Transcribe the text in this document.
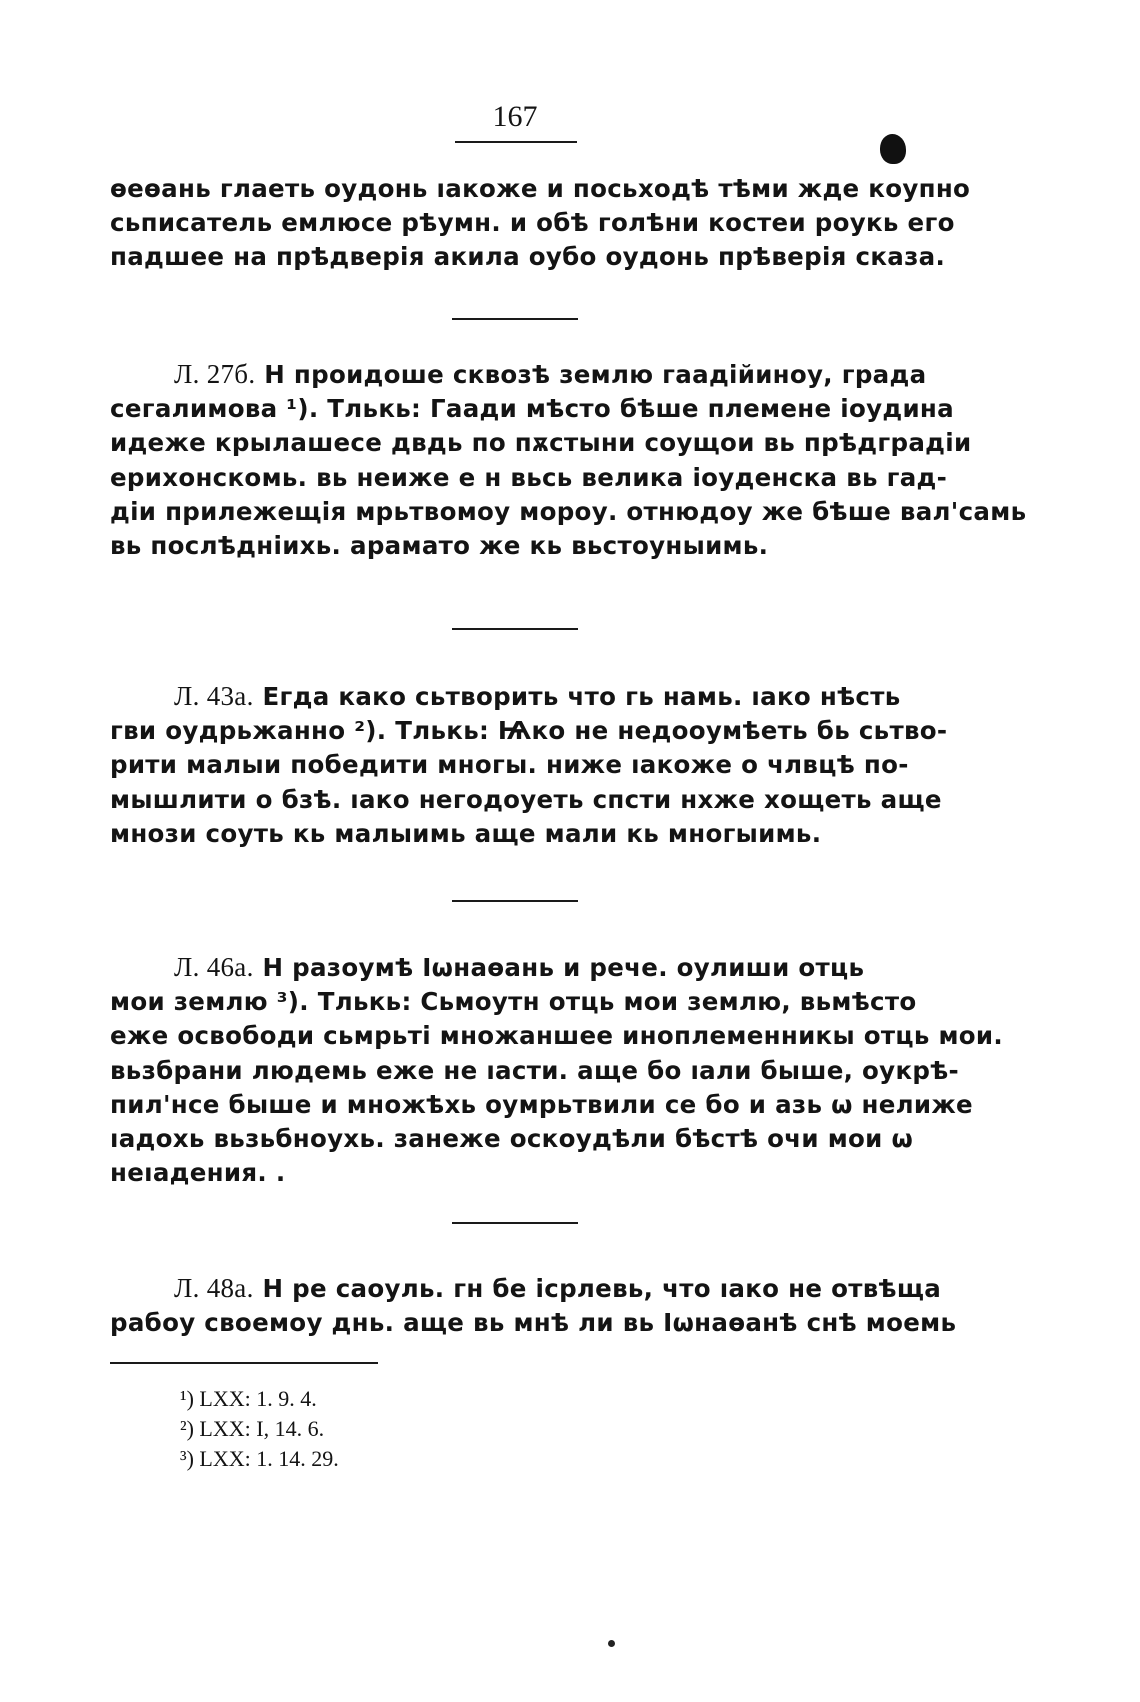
167
ѳеѳань глаеть оудонь ıакоже и посьходѣ тѣми жде коупно
сьписатель емлюсе рѣумн. и обѣ голѣни костеи роукь его
падшее на прѣдверія акила оубо оудонь прѣверія сказа.
Л. 27б. Н проидоше сквозѣ землю гаадійиноу, града
сегалимова ¹). Тлькь: Гаади мѣсто бѣше племене іоудина
идеже крылашесе двдь по пѫстыни соущои вь прѣдградіи
ерихонскомь. вь неиже е н вьсь велика іоуденска вь гад-
діи прилежещія мрьтвомоу мороу. отнюдоу же бѣше вал'самь
вь послѣдніихь. арамато же кь вьстоуныимь.
Л. 43а. Егда како сьтворить что гь намь. ıако нѣсть
гви оудрьжанно ²). Тлькь: Ѩко не недооумѣеть бь сьтво-
рити малыи победити многы. ниже ıакоже о члвцѣ по-
мышлити о бзѣ. ıако негодоуеть спсти нхже хощеть аще
мнози соуть кь малыимь аще мали кь многыимь.
Л. 46а. Н разоумѣ Іωнаѳань и рече. оулиши отць
мои землю ³). Тлькь: Сьмоутн отць мои землю, вьмѣсто
еже освободи сьмрьті множаншее иноплеменникы отць мои.
вьзбрани людемь еже не ıасти. аще бо ıали быше, оукрѣ-
пил'нсе быше и множѣхь оумрьтвили се бо и азь ω нелиже
ıадохь вьзьбноухь. занеже оскоудѣли бѣстѣ очи мои ω
неıадения. .
Л. 48а. Н ре саоуль. гн бе ісрлевь, что ıако не отвѣща
рабоу своемоу днь. аще вь мнѣ ли вь Іωнаѳанѣ снѣ моемь
¹) LXX: 1. 9. 4.
²) LXX: I, 14. 6.
³) LXX: 1. 14. 29.
